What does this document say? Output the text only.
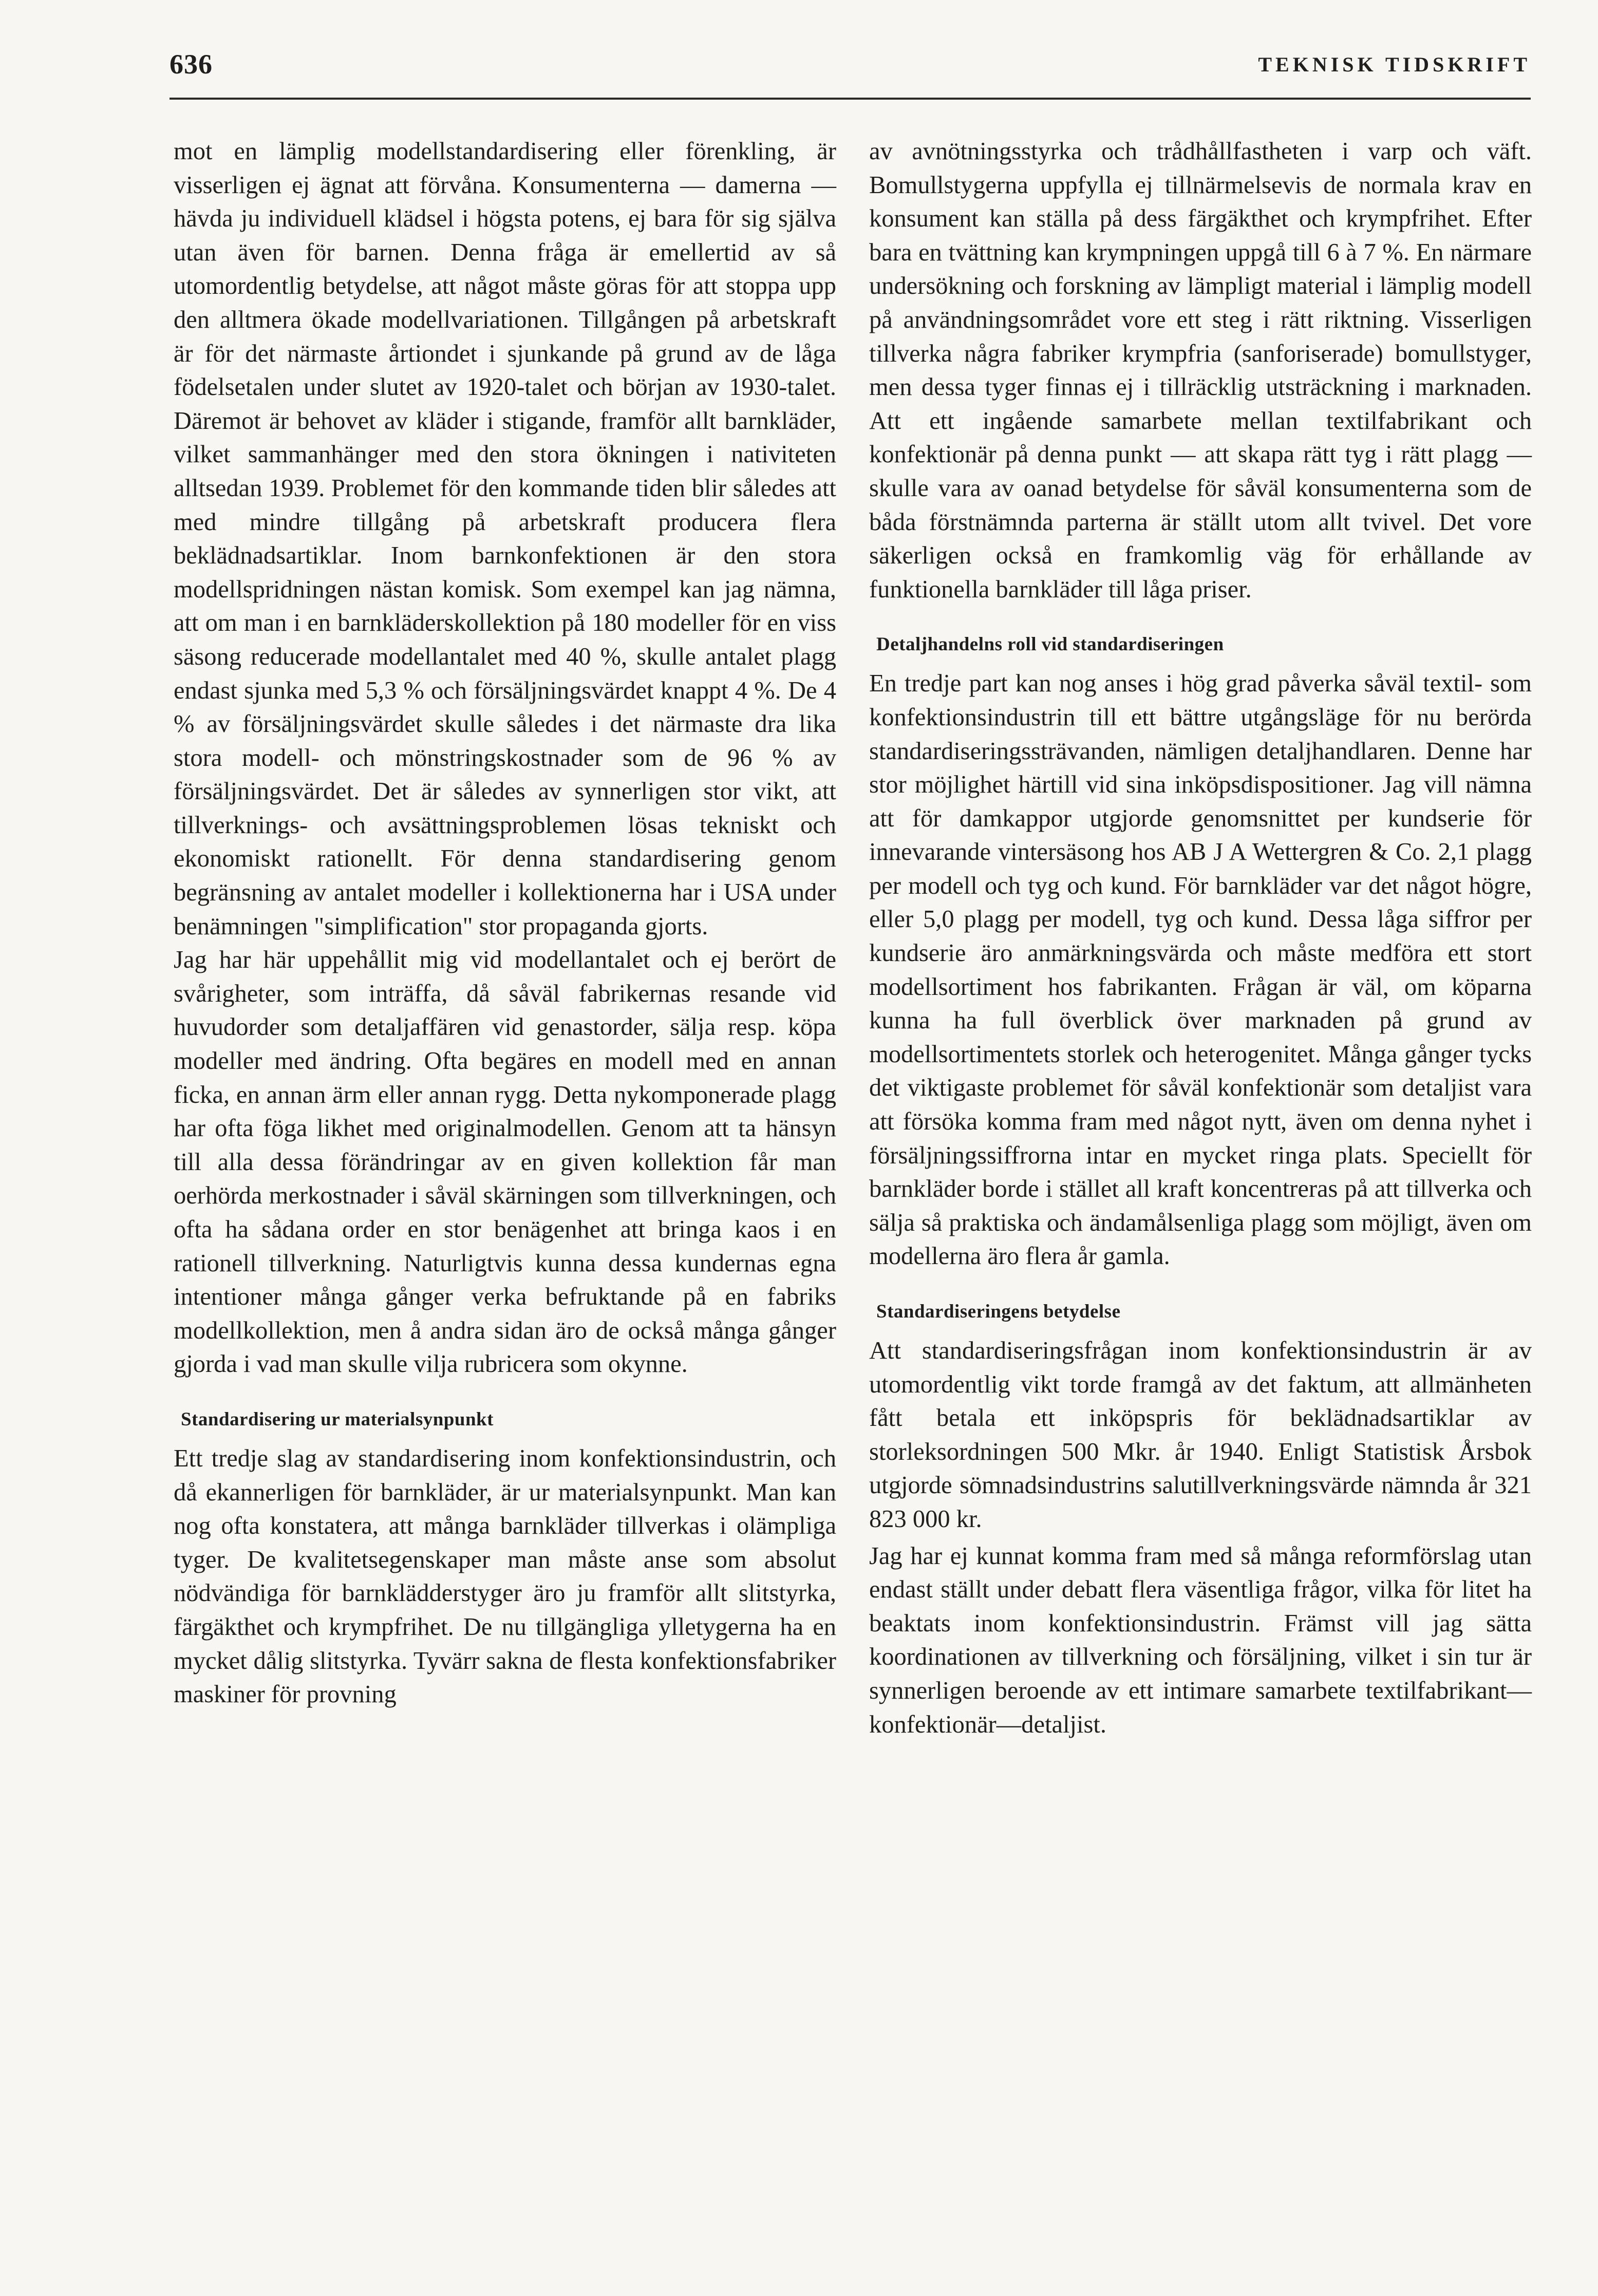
636	TEKNISK TIDSKRIFT

mot en lämplig modellstandardisering eller förenkling, är visserligen ej ägnat att förvåna. Konsumenterna — damerna — hävda ju individuell klädsel i högsta potens, ej bara för sig själva utan även för barnen. Denna fråga är emellertid av så utomordentlig betydelse, att något måste göras för att stoppa upp den alltmera ökade modellvariationen. Tillgången på arbetskraft är för det närmaste årtiondet i sjunkande på grund av de låga födelsetalen under slutet av 1920-talet och början av 1930-talet. Däremot är behovet av kläder i stigande, framför allt barnkläder, vilket sammanhänger med den stora ökningen i nativiteten alltsedan 1939. Problemet för den kommande tiden blir således att med mindre tillgång på arbetskraft producera flera beklädnadsartiklar. Inom barnkonfektionen är den stora modellspridningen nästan komisk. Som exempel kan jag nämna, att om man i en barnkläderskollektion på 180 modeller för en viss säsong reducerade modellantalet med 40 %, skulle antalet plagg endast sjunka med 5,3 % och försäljningsvärdet knappt 4 %. De 4 % av försäljningsvärdet skulle således i det närmaste dra lika stora modell- och mönstringskostnader som de 96 % av försäljningsvärdet. Det är således av synnerligen stor vikt, att tillverknings- och avsättningsproblemen lösas tekniskt och ekonomiskt rationellt. För denna standardisering genom begränsning av antalet modeller i kollektionerna har i USA under benämningen "simplification" stor propaganda gjorts.

Jag har här uppehållit mig vid modellantalet och ej berört de svårigheter, som inträffa, då såväl fabrikernas resande vid huvudorder som detaljaffären vid genastorder, sälja resp. köpa modeller med ändring. Ofta begäres en modell med en annan ficka, en annan ärm eller annan rygg. Detta nykomponerade plagg har ofta föga likhet med originalmodellen. Genom att ta hänsyn till alla dessa förändringar av en given kollektion får man oerhörda merkostnader i såväl skärningen som tillverkningen, och ofta ha sådana order en stor benägenhet att bringa kaos i en rationell tillverkning. Naturligtvis kunna dessa kundernas egna intentioner många gånger verka befruktande på en fabriks modellkollektion, men å andra sidan äro de också många gånger gjorda i vad man skulle vilja rubricera som okynne.

Standardisering ur materialsynpunkt

Ett tredje slag av standardisering inom konfektionsindustrin, och då ekannerligen för barnkläder, är ur materialsynpunkt. Man kan nog ofta konstatera, att många barnkläder tillverkas i olämpliga tyger. De kvalitetsegenskaper man måste anse som absolut nödvändiga för barnklädderstyger äro ju framför allt slitstyrka, färgäkthet och krympfrihet. De nu tillgängliga ylletygerna ha en mycket dålig slitstyrka. Tyvärr sakna de flesta konfektionsfabriker maskiner för provning

av avnötningsstyrka och trådhållfastheten i varp och väft. Bomullstygerna uppfylla ej tillnärmelsevis de normala krav en konsument kan ställa på dess färgäkthet och krympfrihet. Efter bara en tvättning kan krympningen uppgå till 6 à 7 %. En närmare undersökning och forskning av lämpligt material i lämplig modell på användningsområdet vore ett steg i rätt riktning. Visserligen tillverka några fabriker krympfria (sanforiserade) bomullstyger, men dessa tyger finnas ej i tillräcklig utsträckning i marknaden. Att ett ingående samarbete mellan textilfabrikant och konfektionär på denna punkt — att skapa rätt tyg i rätt plagg — skulle vara av oanad betydelse för såväl konsumenterna som de båda förstnämnda parterna är ställt utom allt tvivel. Det vore säkerligen också en framkomlig väg för erhållande av funktionella barnkläder till låga priser.

Detaljhandelns roll vid standardiseringen

En tredje part kan nog anses i hög grad påverka såväl textil- som konfektionsindustrin till ett bättre utgångsläge för nu berörda standardiseringssträvanden, nämligen detaljhandlaren. Denne har stor möjlighet härtill vid sina inköpsdispositioner. Jag vill nämna att för damkappor utgjorde genomsnittet per kundserie för innevarande vintersäsong hos AB J A Wettergren & Co. 2,1 plagg per modell och tyg och kund. För barnkläder var det något högre, eller 5,0 plagg per modell, tyg och kund. Dessa låga siffror per kundserie äro anmärkningsvärda och måste medföra ett stort modellsortiment hos fabrikanten. Frågan är väl, om köparna kunna ha full överblick över marknaden på grund av modellsortimentets storlek och heterogenitet. Många gånger tycks det viktigaste problemet för såväl konfektionär som detaljist vara att försöka komma fram med något nytt, även om denna nyhet i försäljningssiffrorna intar en mycket ringa plats. Speciellt för barnkläder borde i stället all kraft koncentreras på att tillverka och sälja så praktiska och ändamålsenliga plagg som möjligt, även om modellerna äro flera år gamla.

Standardiseringens betydelse

Att standardiseringsfrågan inom konfektionsindustrin är av utomordentlig vikt torde framgå av det faktum, att allmänheten fått betala ett inköpspris för beklädnadsartiklar av storleksordningen 500 Mkr. år 1940. Enligt Statistisk Årsbok utgjorde sömnadsindustrins salutillverkningsvärde nämnda år 321 823 000 kr.

Jag har ej kunnat komma fram med så många reformförslag utan endast ställt under debatt flera väsentliga frågor, vilka för litet ha beaktats inom konfektionsindustrin. Främst vill jag sätta koordinationen av tillverkning och försäljning, vilket i sin tur är synnerligen beroende av ett intimare samarbete textilfabrikant—konfektionär—detaljist.
